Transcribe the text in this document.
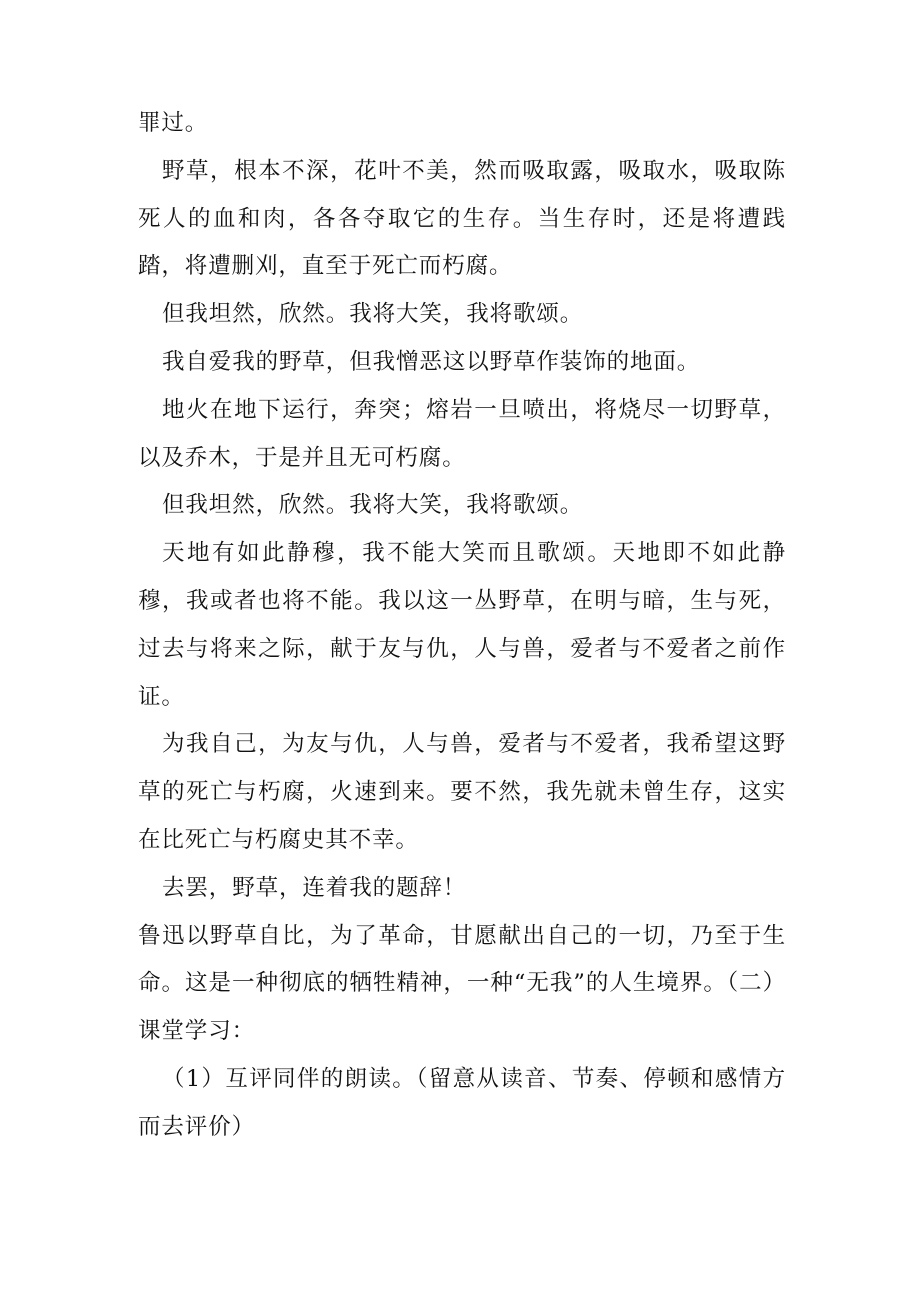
罪过。

野草，根本不深，花叶不美，然而吸取露，吸取水，吸取陈死人的血和肉，各各夺取它的生存。当生存时，还是将遭践踏，将遭删刈，直至于死亡而朽腐。

但我坦然，欣然。我将大笑，我将歌颂。

我自爱我的野草，但我憎恶这以野草作装饰的地面。

地火在地下运行，奔突；熔岩一旦喷出，将烧尽一切野草，以及乔木，于是并且无可朽腐。

但我坦然，欣然。我将大笑，我将歌颂。

天地有如此静穆，我不能大笑而且歌颂。天地即不如此静穆，我或者也将不能。我以这一丛野草，在明与暗，生与死，过去与将来之际，献于友与仇，人与兽，爱者与不爱者之前作证。

为我自己，为友与仇，人与兽，爱者与不爱者，我希望这野草的死亡与朽腐，火速到来。要不然，我先就未曾生存，这实在比死亡与朽腐史其不幸。

去罢，野草，连着我的题辞！

鲁迅以野草自比，为了革命，甘愿献出自己的一切，乃至于生命。这是一种彻底的牺牲精神，一种“无我”的人生境界。（二）课堂学习：

（1）互评同伴的朗读。（留意从读音、节奏、停顿和感情方而去评价）
